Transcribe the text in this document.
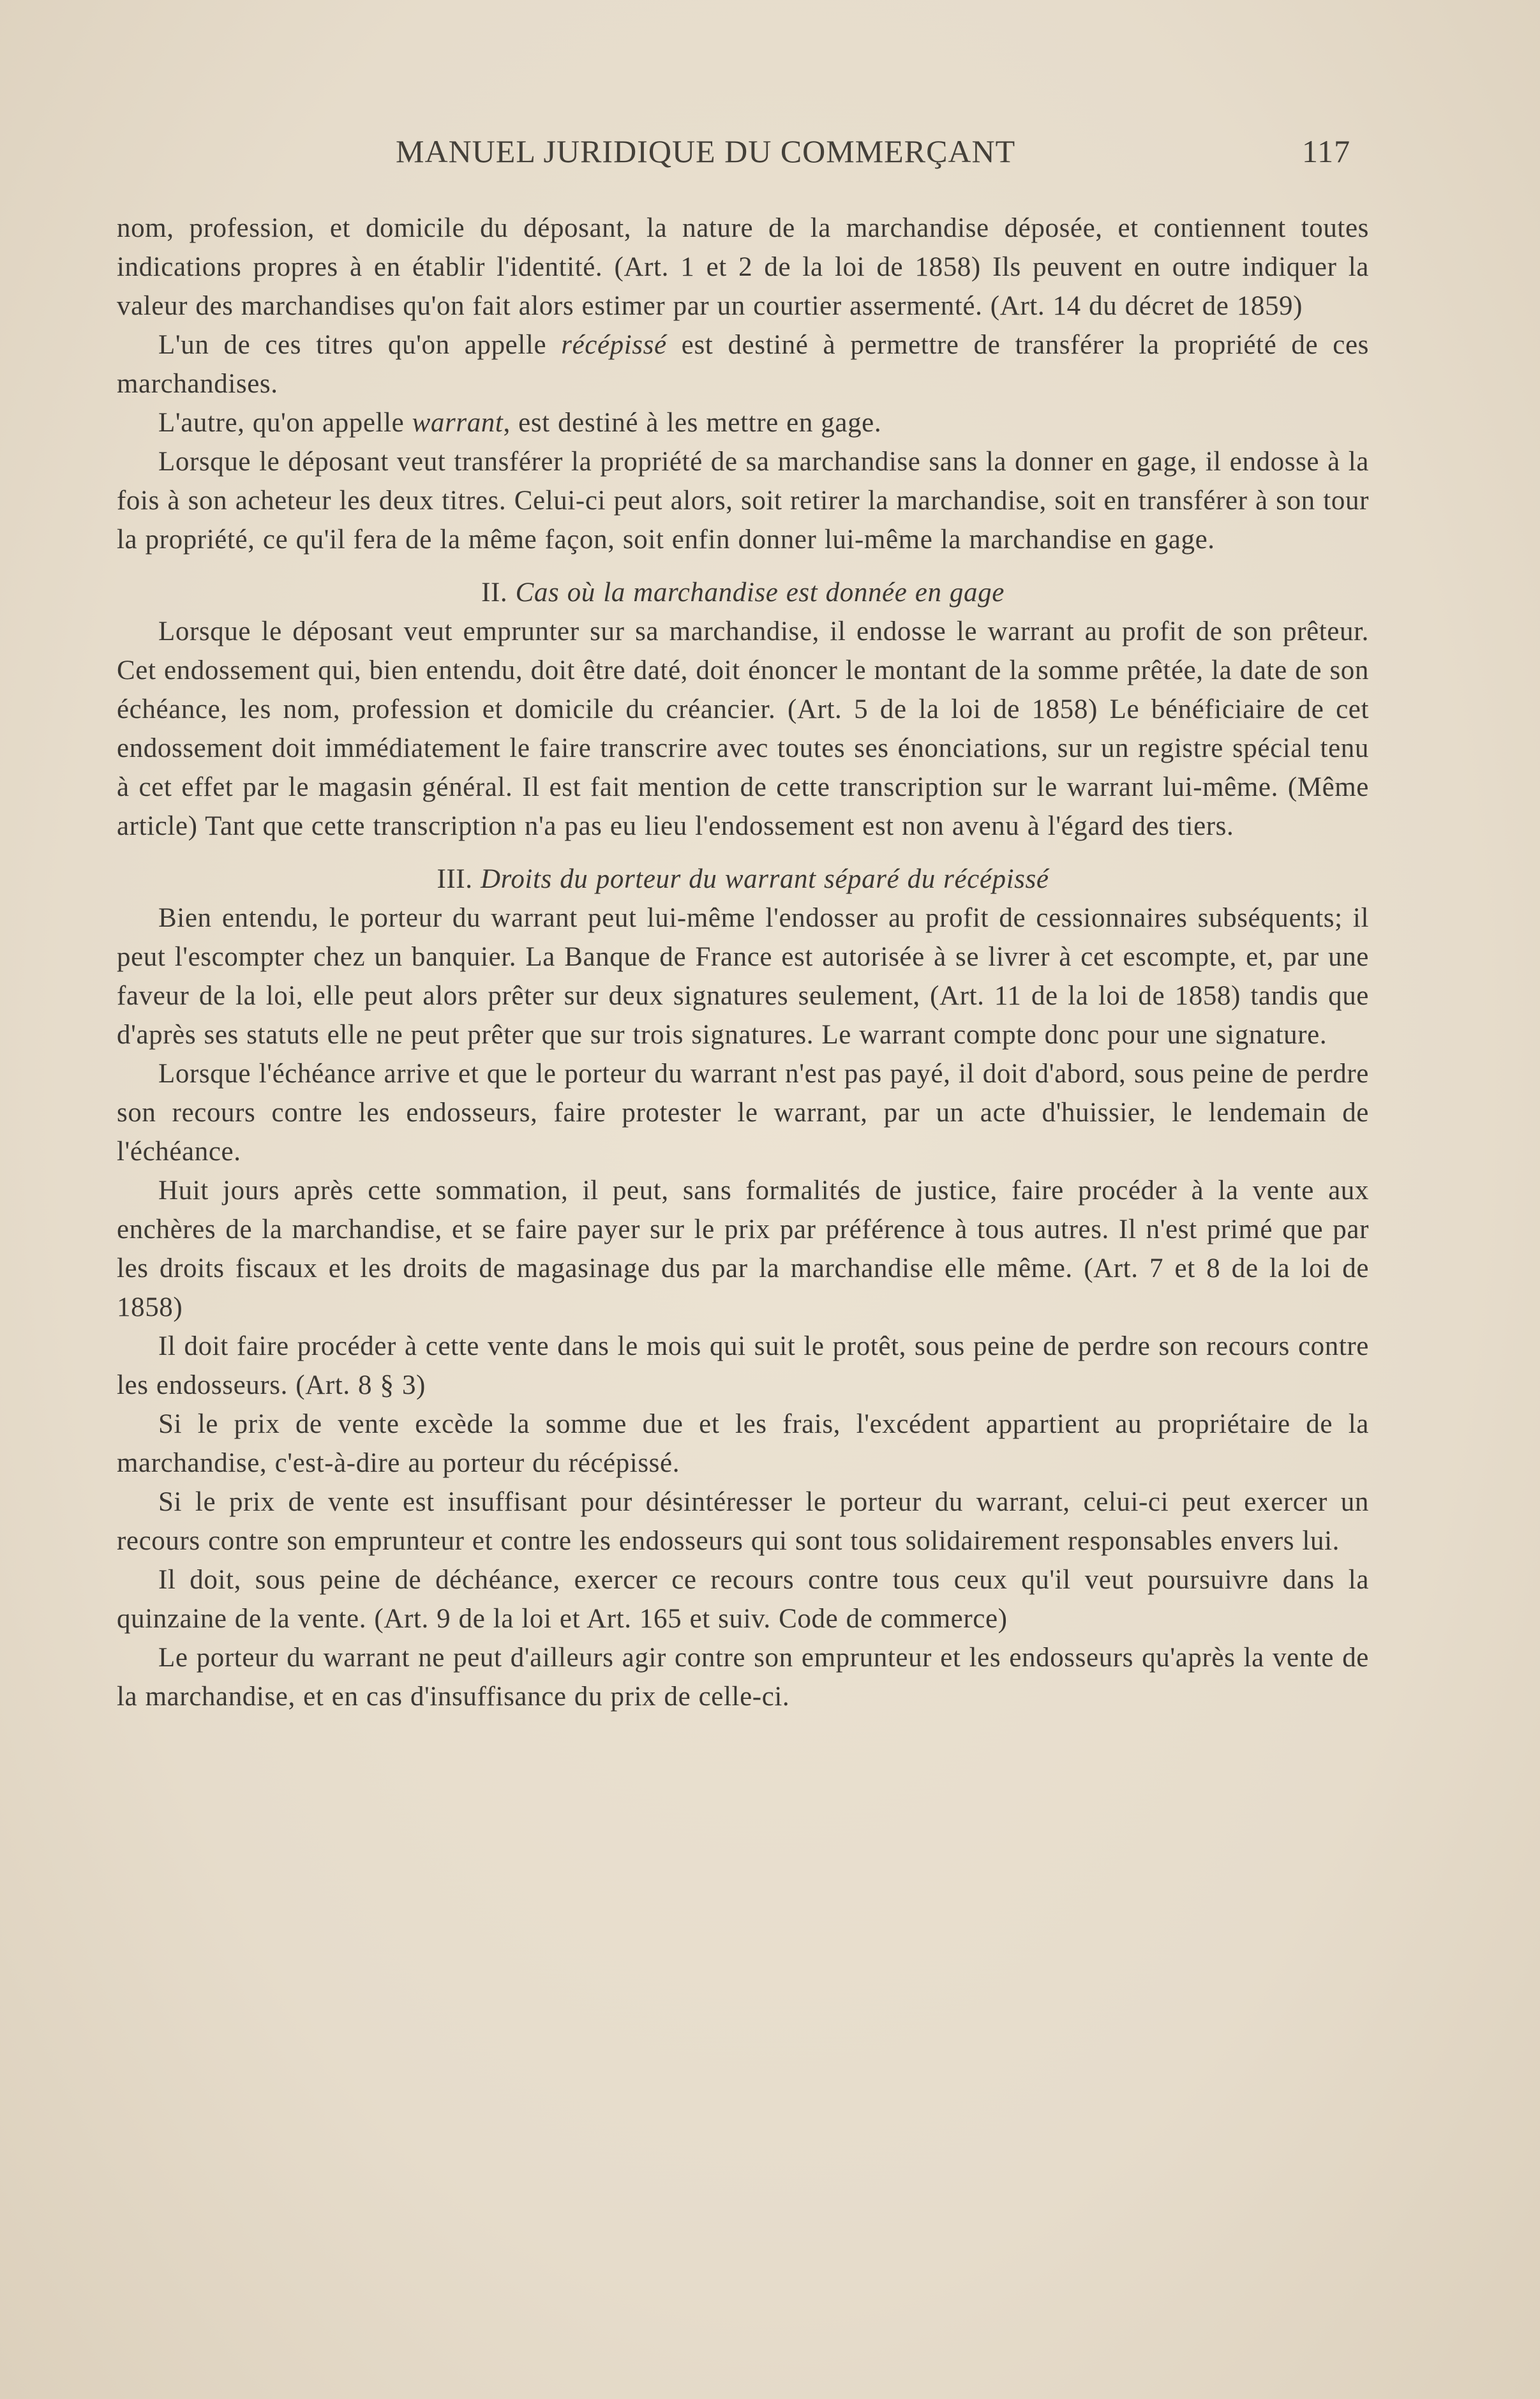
MANUEL JURIDIQUE DU COMMERÇANT	117

nom, profession, et domicile du déposant, la nature de la marchandise déposée, et contiennent toutes indications propres à en établir l'identité. (Art. 1 et 2 de la loi de 1858) Ils peuvent en outre indiquer la valeur des marchandises qu'on fait alors estimer par un courtier assermenté. (Art. 14 du décret de 1859)

L'un de ces titres qu'on appelle récépissé est destiné à permettre de transférer la propriété de ces marchandises.

L'autre, qu'on appelle warrant, est destiné à les mettre en gage.

Lorsque le déposant veut transférer la propriété de sa marchandise sans la donner en gage, il endosse à la fois à son acheteur les deux titres. Celui-ci peut alors, soit retirer la marchandise, soit en transférer à son tour la propriété, ce qu'il fera de la même façon, soit enfin donner lui-même la marchandise en gage.

II. Cas où la marchandise est donnée en gage

Lorsque le déposant veut emprunter sur sa marchandise, il endosse le warrant au profit de son prêteur. Cet endossement qui, bien entendu, doit être daté, doit énoncer le montant de la somme prêtée, la date de son échéance, les nom, profession et domicile du créancier. (Art. 5 de la loi de 1858) Le bénéficiaire de cet endossement doit immédiatement le faire transcrire avec toutes ses énonciations, sur un registre spécial tenu à cet effet par le magasin général. Il est fait mention de cette transcription sur le warrant lui-même. (Même article) Tant que cette transcription n'a pas eu lieu l'endossement est non avenu à l'égard des tiers.

III. Droits du porteur du warrant séparé du récépissé

Bien entendu, le porteur du warrant peut lui-même l'endosser au profit de cessionnaires subséquents; il peut l'escompter chez un banquier. La Banque de France est autorisée à se livrer à cet escompte, et, par une faveur de la loi, elle peut alors prêter sur deux signatures seulement, (Art. 11 de la loi de 1858) tandis que d'après ses statuts elle ne peut prêter que sur trois signatures. Le warrant compte donc pour une signature.

Lorsque l'échéance arrive et que le porteur du warrant n'est pas payé, il doit d'abord, sous peine de perdre son recours contre les endosseurs, faire protester le warrant, par un acte d'huissier, le lendemain de l'échéance.

Huit jours après cette sommation, il peut, sans formalités de justice, faire procéder à la vente aux enchères de la marchandise, et se faire payer sur le prix par préférence à tous autres. Il n'est primé que par les droits fiscaux et les droits de magasinage dus par la marchandise elle même. (Art. 7 et 8 de la loi de 1858)

Il doit faire procéder à cette vente dans le mois qui suit le protêt, sous peine de perdre son recours contre les endosseurs. (Art. 8 § 3)

Si le prix de vente excède la somme due et les frais, l'excédent appartient au propriétaire de la marchandise, c'est-à-dire au porteur du récépissé.

Si le prix de vente est insuffisant pour désintéresser le porteur du warrant, celui-ci peut exercer un recours contre son emprunteur et contre les endosseurs qui sont tous solidairement responsables envers lui.

Il doit, sous peine de déchéance, exercer ce recours contre tous ceux qu'il veut poursuivre dans la quinzaine de la vente. (Art. 9 de la loi et Art. 165 et suiv. Code de commerce)

Le porteur du warrant ne peut d'ailleurs agir contre son emprunteur et les endosseurs qu'après la vente de la marchandise, et en cas d'insuffisance du prix de celle-ci.
